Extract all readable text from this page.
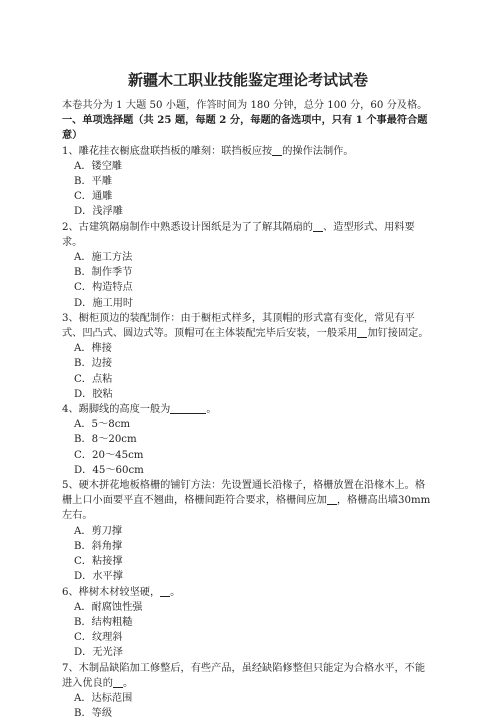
新疆木工职业技能鉴定理论考试试卷

本卷共分为 1 大题 50 小题，作答时间为 180 分钟，总分 100 分，60 分及格。

一、单项选择题（共 25 题，每题 2 分，每题的备选项中，只有 1 个事最符合题意）

1、雕花挂衣橱底盘联挡板的雕刻：联挡板应按 的操作法制作。

A．镂空雕

B．平雕

C．通雕

D．浅浮雕

2、古建筑隔扇制作中熟悉设计图纸是为了了解其隔扇的 、造型形式、用料要求。

A．施工方法

B．制作季节

C．构造特点

D．施工用时

3、橱柜顶边的装配制作：由于橱柜式样多，其顶帽的形式富有变化，常见有平式、凹凸式、圆边式等。顶帽可在主体装配完毕后安装，一般采用 加钉接固定。

A．榫接

B．边接

C．点粘

D．胶粘

4、踢脚线的高度一般为	。

A．5～8cm

B．8～20cm

C．20～45cm

D．45～60cm

5、硬木拼花地板格栅的铺钉方法：先设置通长沿椽子，格栅放置在沿椽木上。格栅上口小面要平直不翘曲，格栅间距符合要求，格栅间应加 ，格栅高出墙30mm左右。

A．剪刀撑

B．斜角撑

C．粘接撑

D．水平撑

6、桦树木材较坚硬， 。

A．耐腐蚀性强

B．结构粗糙

C．纹理斜

D．无光泽

7、木制品缺陷加工修整后，有些产品，虽经缺陷修整但只能定为合格水平，不能进入优良的 。

A．达标范围

B．等级
